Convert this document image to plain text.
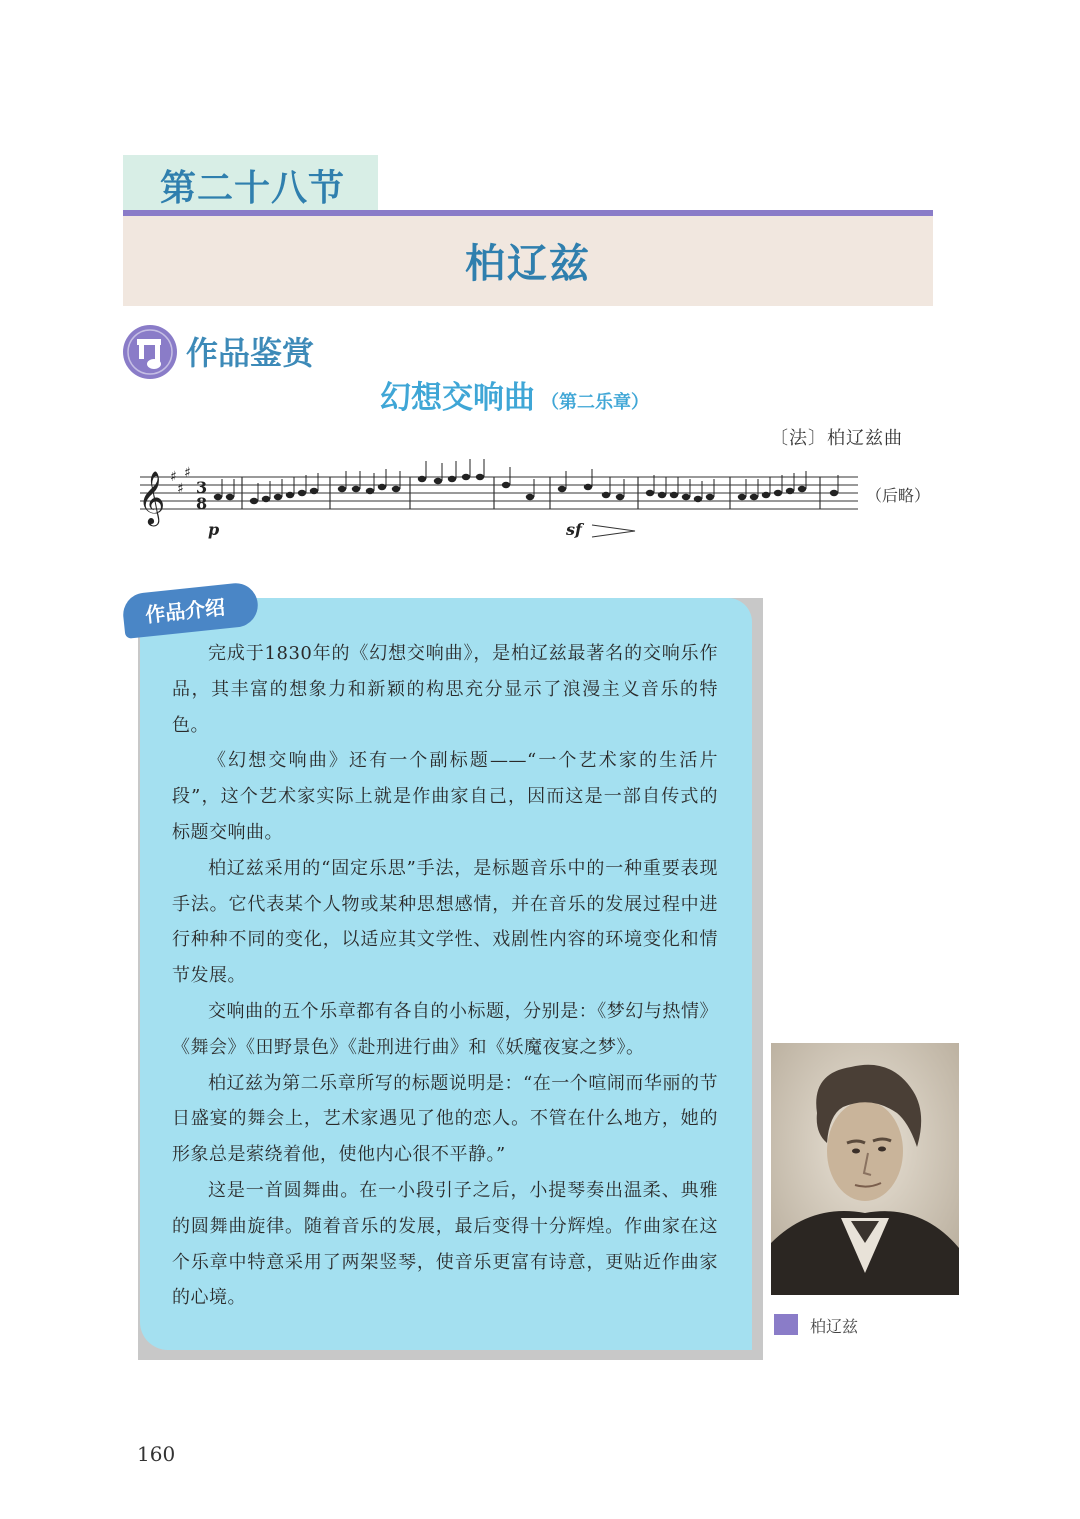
第二十八节
柏辽兹
作品鉴赏
幻想交响曲 （第二乐章）
〔法〕柏辽兹曲
𝄞 ♯
♯
♯
3
8
p	sf
（后略）
作品介绍

完成于1830年的《幻想交响曲》，是柏辽兹最著名的交响乐作品，其丰富的想象力和新颖的构思充分显示了浪漫主义音乐的特色。

《幻想交响曲》还有一个副标题——“一个艺术家的生活片段”，这个艺术家实际上就是作曲家自己，因而这是一部自传式的标题交响曲。

柏辽兹采用的“固定乐思”手法，是标题音乐中的一种重要表现手法。它代表某个人物或某种思想感情，并在音乐的发展过程中进行种种不同的变化，以适应其文学性、戏剧性内容的环境变化和情节发展。

交响曲的五个乐章都有各自的小标题，分别是：《梦幻与热情》《舞会》《田野景色》《赴刑进行曲》和《妖魔夜宴之梦》。

柏辽兹为第二乐章所写的标题说明是：“在一个喧闹而华丽的节日盛宴的舞会上，艺术家遇见了他的恋人。不管在什么地方，她的形象总是萦绕着他，使他内心很不平静。”

这是一首圆舞曲。在一小段引子之后，小提琴奏出温柔、典雅的圆舞曲旋律。随着音乐的发展，最后变得十分辉煌。作曲家在这个乐章中特意采用了两架竖琴，使音乐更富有诗意，更贴近作曲家的心境。

柏辽兹
160
